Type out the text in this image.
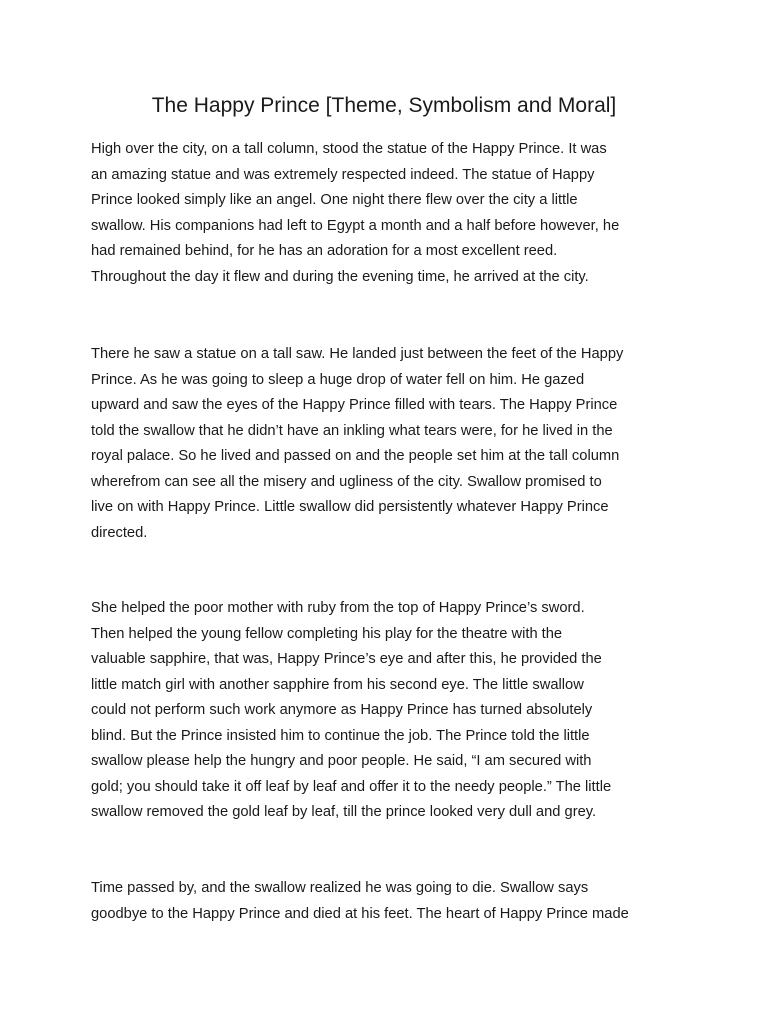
The Happy Prince [Theme, Symbolism and Moral]
High over the city, on a tall column, stood the statue of the Happy Prince. It was
an amazing statue and was extremely respected indeed. The statue of Happy
Prince looked simply like an angel. One night there flew over the city a little
swallow. His companions had left to Egypt a month and a half before however, he
had remained behind, for he has an adoration for a most excellent reed.
Throughout the day it flew and during the evening time, he arrived at the city.
There he saw a statue on a tall saw. He landed just between the feet of the Happy
Prince. As he was going to sleep a huge drop of water fell on him. He gazed
upward and saw the eyes of the Happy Prince filled with tears. The Happy Prince
told the swallow that he didn’t have an inkling what tears were, for he lived in the
royal palace. So he lived and passed on and the people set him at the tall column
wherefrom can see all the misery and ugliness of the city. Swallow promised to
live on with Happy Prince. Little swallow did persistently whatever Happy Prince
directed.
She helped the poor mother with ruby from the top of Happy Prince’s sword.
Then helped the young fellow completing his play for the theatre with the
valuable sapphire, that was, Happy Prince’s eye and after this, he provided the
little match girl with another sapphire from his second eye. The little swallow
could not perform such work anymore as Happy Prince has turned absolutely
blind. But the Prince insisted him to continue the job. The Prince told the little
swallow please help the hungry and poor people. He said, “I am secured with
gold; you should take it off leaf by leaf and offer it to the needy people.” The little
swallow removed the gold leaf by leaf, till the prince looked very dull and grey.
Time passed by, and the swallow realized he was going to die. Swallow says
goodbye to the Happy Prince and died at his feet. The heart of Happy Prince made
